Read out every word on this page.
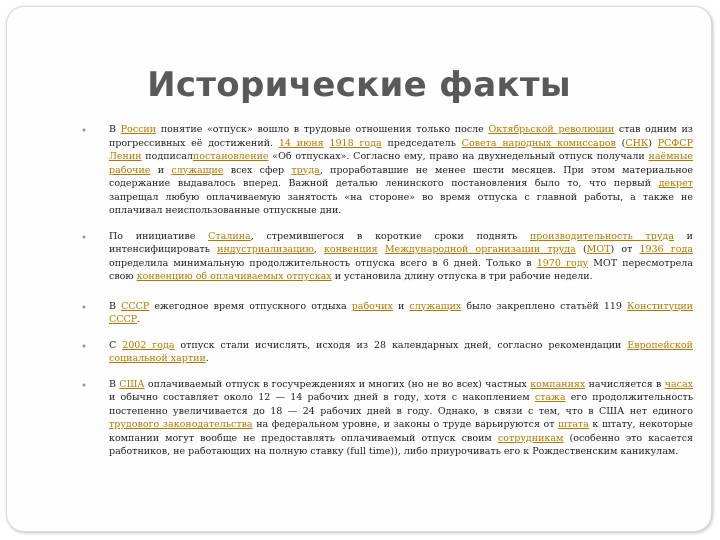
Исторические факты
• В России понятие «отпуск» вошло в трудовые отношения только после Октябрьской революции став одним из прогрессивных её достижений. 14 июня 1918 года председатель Совета народных комиссаров (СНК) РСФСР Ленин подписалпостановление «Об отпусках». Согласно ему, право на двухнедельный отпуск получали наёмные рабочие и служащие всех сфер труда, проработавшие не менее шести месяцев. При этом материальное содержание выдавалось вперед. Важной деталью ленинского постановления было то, что первый декрет запрещал любую оплачиваемую занятость «на стороне» во время отпуска с главной работы, а также не оплачивал неиспользованные отпускные дни.
• По инициативе Сталина, стремившегося в короткие сроки поднять производительность труда и интенсифицировать индустриализацию, конвенция Международной организации труда (МОТ) от 1936 года определила минимальную продолжительность отпуска всего в 6 дней. Только в 1970 году МОТ пересмотрела свою конвенцию об оплачиваемых отпусках и установила длину отпуска в три рабочие недели.
• В СССР ежегодное время отпускного отдыха рабочих и служащих было закреплено статьёй 119 Конституции СССР.
• С 2002 года отпуск стали исчислять, исходя из 28 календарных дней, согласно рекомендации Европейской социальной хартии.
• В США оплачиваемый отпуск в госучреждениях и многих (но не во всех) частных компаниях начисляется в часах и обычно составляет около 12 — 14 рабочих дней в году, хотя с накоплением стажа его продолжительность постепенно увеличивается до 18 — 24 рабочих дней в году. Однако, в связи с тем, что в США нет единого трудового законодательства на федеральном уровне, и законы о труде варьируются от штата к штату, некоторые компании могут вообще не предоставлять оплачиваемый отпуск своим сотрудникам (особенно это касается работников, не работающих на полную ставку (full time)), либо приурочивать его к Рождественским каникулам.
